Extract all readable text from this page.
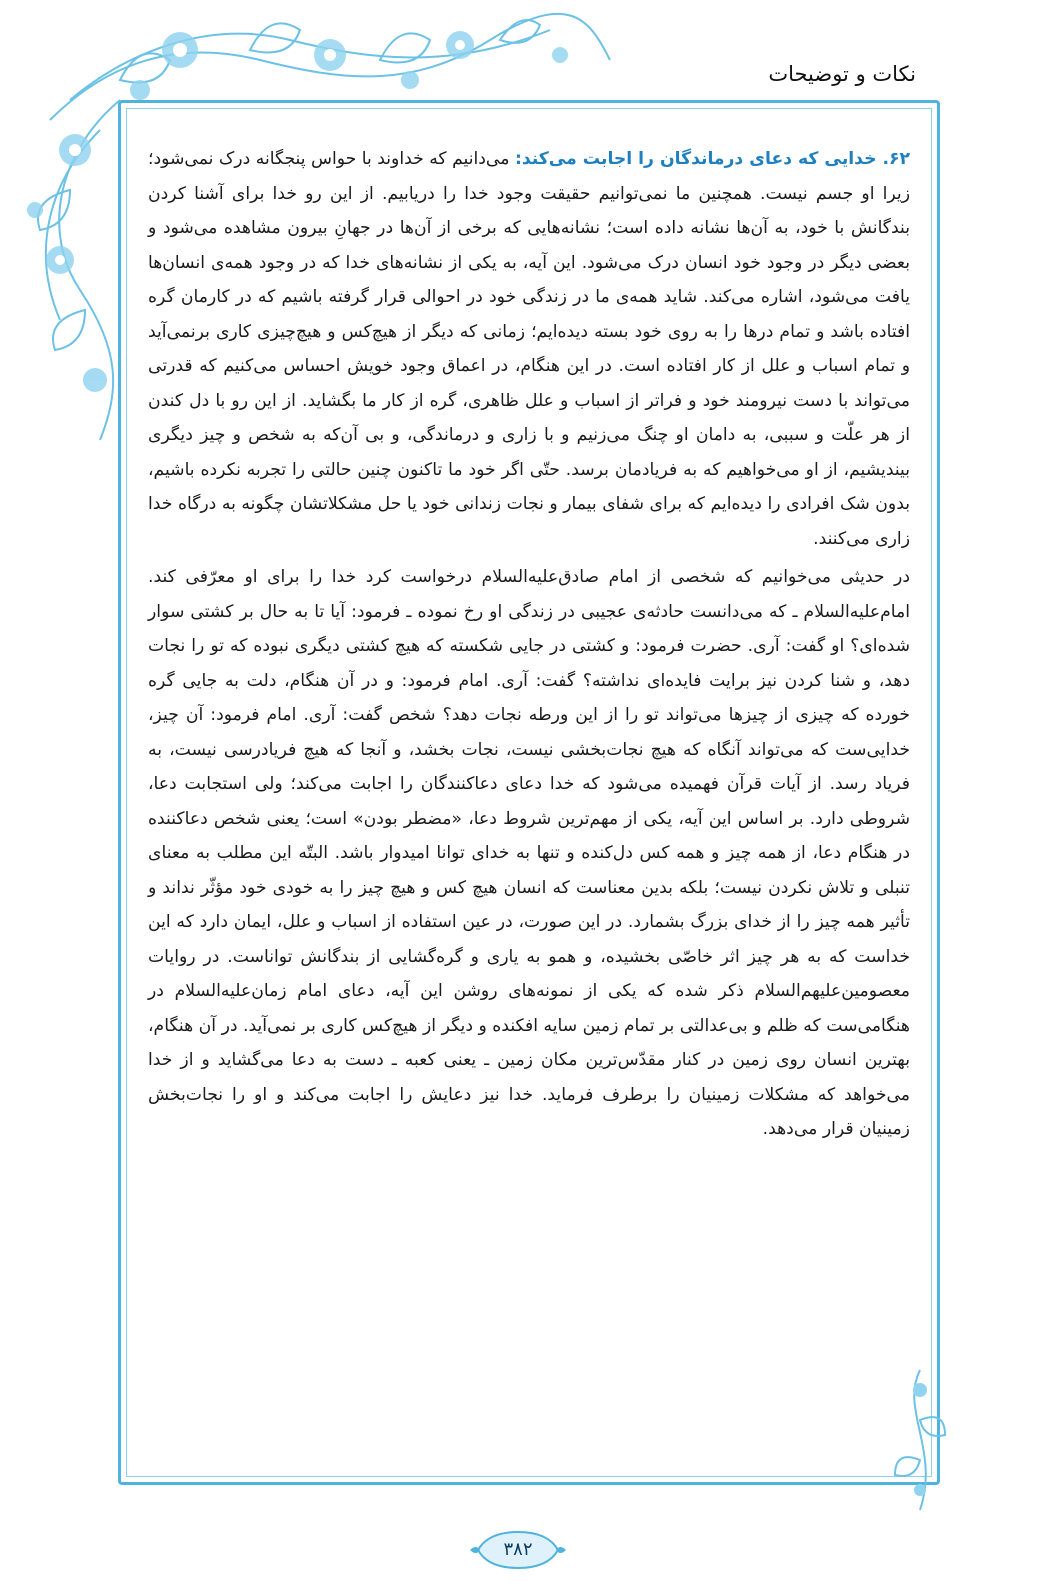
نکات و توضیحات

۶۲. خدایی که دعای درماندگان را اجابت می‌کند: می‌دانیم که خداوند با حواس پنجگانه درک نمی‌شود؛ زیرا او جسم نیست. همچنین ما نمی‌توانیم حقیقت وجود خدا را دریابیم. از این رو خدا برای آشنا کردن بندگانش با خود، به آن‌ها نشانه داده است؛ نشانه‌هایی که برخی از آن‌ها در جهانِ بیرون مشاهده می‌شود و بعضی دیگر در وجود خود انسان درک می‌شود. این آیه، به یکی از نشانه‌های خدا که در وجود همه‌ی انسان‌ها یافت می‌شود، اشاره می‌کند. شاید همه‌ی ما در زندگی خود در احوالی قرار گرفته باشیم که در کارمان گره افتاده باشد و تمام درها را به روی خود بسته دیده‌ایم؛ زمانی که دیگر از هیچ‌کس و هیچ‌چیزی کاری برنمی‌آید و تمام اسباب و علل از کار افتاده است. در این هنگام، در اعماق وجود خویش احساس می‌کنیم که قدرتی می‌تواند با دست نیرومند خود و فراتر از اسباب و علل ظاهری، گره از کار ما بگشاید. از این رو با دل کندن از هر علّت و سببی، به دامان او چنگ می‌زنیم و با زاری و درماندگی، و بی آن‌که به شخص و چیز دیگری بیندیشیم، از او می‌خواهیم که به فریادمان برسد. حتّی اگر خود ما تاکنون چنین حالتی را تجربه نکرده باشیم، بدون شک افرادی را دیده‌ایم که برای شفای بیمار و نجات زندانی خود یا حل مشکلاتشان چگونه به درگاه خدا زاری می‌کنند.

در حدیثی می‌خوانیم که شخصی از امام صادق‌علیه‌السلام درخواست کرد خدا را برای او معرّفی کند. امام‌علیه‌السلام ـ که می‌دانست حادثه‌ی عجیبی در زندگی او رخ نموده ـ فرمود: آیا تا به حال بر کشتی سوار شده‌ای؟ او گفت: آری. حضرت فرمود: و کشتی در جایی شکسته که هیچ کشتی دیگری نبوده که تو را نجات دهد، و شنا کردن نیز برایت فایده‌ای نداشته؟ گفت: آری. امام فرمود: و در آن هنگام، دلت به جایی گره خورده که چیزی از چیزها می‌تواند تو را از این ورطه نجات دهد؟ شخص گفت: آری. امام فرمود: آن چیز، خدایی‌ست که می‌تواند آنگاه که هیچ نجات‌بخشی نیست، نجات بخشد، و آنجا که هیچ فریادرسی نیست، به فریاد رسد. از آیات قرآن فهمیده می‌شود که خدا دعای دعاکنندگان را اجابت می‌کند؛ ولی استجابت دعا، شروطی دارد. بر اساس این آیه، یکی از مهم‌ترین شروط دعا، «مضطر بودن» است؛ یعنی شخص دعاکننده در هنگام دعا، از همه چیز و همه کس دل‌کنده و تنها به خدای توانا امیدوار باشد. البتّه این مطلب به معنای تنبلی و تلاش نکردن نیست؛ بلکه بدین معناست که انسان هیچ کس و هیچ چیز را به خودی خود مؤثّر نداند و تأثیر همه چیز را از خدای بزرگ بشمارد. در این صورت، در عین استفاده از اسباب و علل، ایمان دارد که این خداست که به هر چیز اثر خاصّی بخشیده، و همو به یاری و گره‌گشایی از بندگانش تواناست. در روایات معصومین‌علیهم‌السلام ذکر شده که یکی از نمونه‌های روشن این آیه، دعای امام زمان‌علیه‌السلام در هنگامی‌ست که ظلم و بی‌عدالتی بر تمام زمین سایه افکنده و دیگر از هیچ‌کس کاری بر نمی‌آید. در آن هنگام، بهترین انسان روی زمین در کنار مقدّس‌ترین مکان زمین ـ یعنی کعبه ـ دست به دعا می‌گشاید و از خدا می‌خواهد که مشکلات زمینیان را برطرف فرماید. خدا نیز دعایش را اجابت می‌کند و او را نجات‌بخش زمینیان قرار می‌دهد.

۳۸۲
